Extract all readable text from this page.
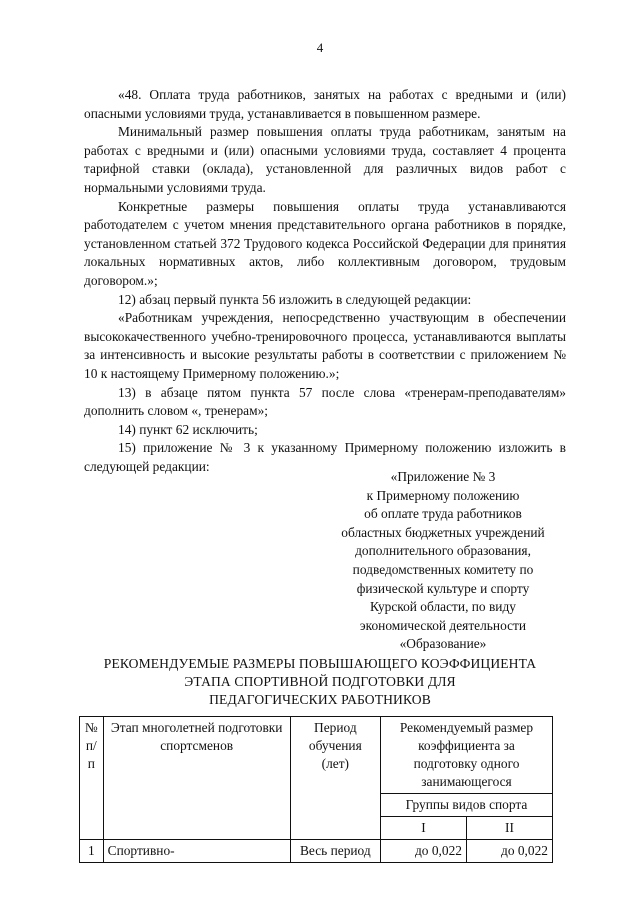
4

«48. Оплата труда работников, занятых на работах с вредными и (или) опасными условиями труда, устанавливается в повышенном размере.

Минимальный размер повышения оплаты труда работникам, занятым на работах с вредными и (или) опасными условиями труда, составляет 4 процента тарифной ставки (оклада), установленной для различных видов работ с нормальными условиями труда.

Конкретные размеры повышения оплаты труда устанавливаются работодателем с учетом мнения представительного органа работников в порядке, установленном статьей 372 Трудового кодекса Российской Федерации для принятия локальных нормативных актов, либо коллективным договором, трудовым договором.»;

12) абзац первый пункта 56 изложить в следующей редакции:

«Работникам учреждения, непосредственно участвующим в обеспечении высококачественного учебно-тренировочного процесса, устанавливаются выплаты за интенсивность и высокие результаты работы в соответствии с приложением № 10 к настоящему Примерному положению.»;

13) в абзаце пятом пункта 57 после слова «тренерам-преподавателям» дополнить словом «, тренерам»;

14) пункт 62 исключить;

15) приложение № 3 к указанному Примерному положению изложить в следующей редакции:

«Приложение № 3
к Примерному положению
об оплате труда работников
областных бюджетных учреждений
дополнительного образования,
подведомственных комитету по
физической культуре и спорту
Курской области, по виду
экономической деятельности
«Образование»
РЕКОМЕНДУЕМЫЕ РАЗМЕРЫ ПОВЫШАЮЩЕГО КОЭФФИЦИЕНТА
ЭТАПА СПОРТИВНОЙ ПОДГОТОВКИ ДЛЯ
ПЕДАГОГИЧЕСКИХ РАБОТНИКОВ
№ п/п	Этап многолетней подготовки спортсменов	Период обучения (лет)	Рекомендуемый размер коэффициента за подготовку одного занимающегося	
			Группы видов спорта	
			I	II
1	Спортивно-	Весь период	до 0,022	до 0,022
